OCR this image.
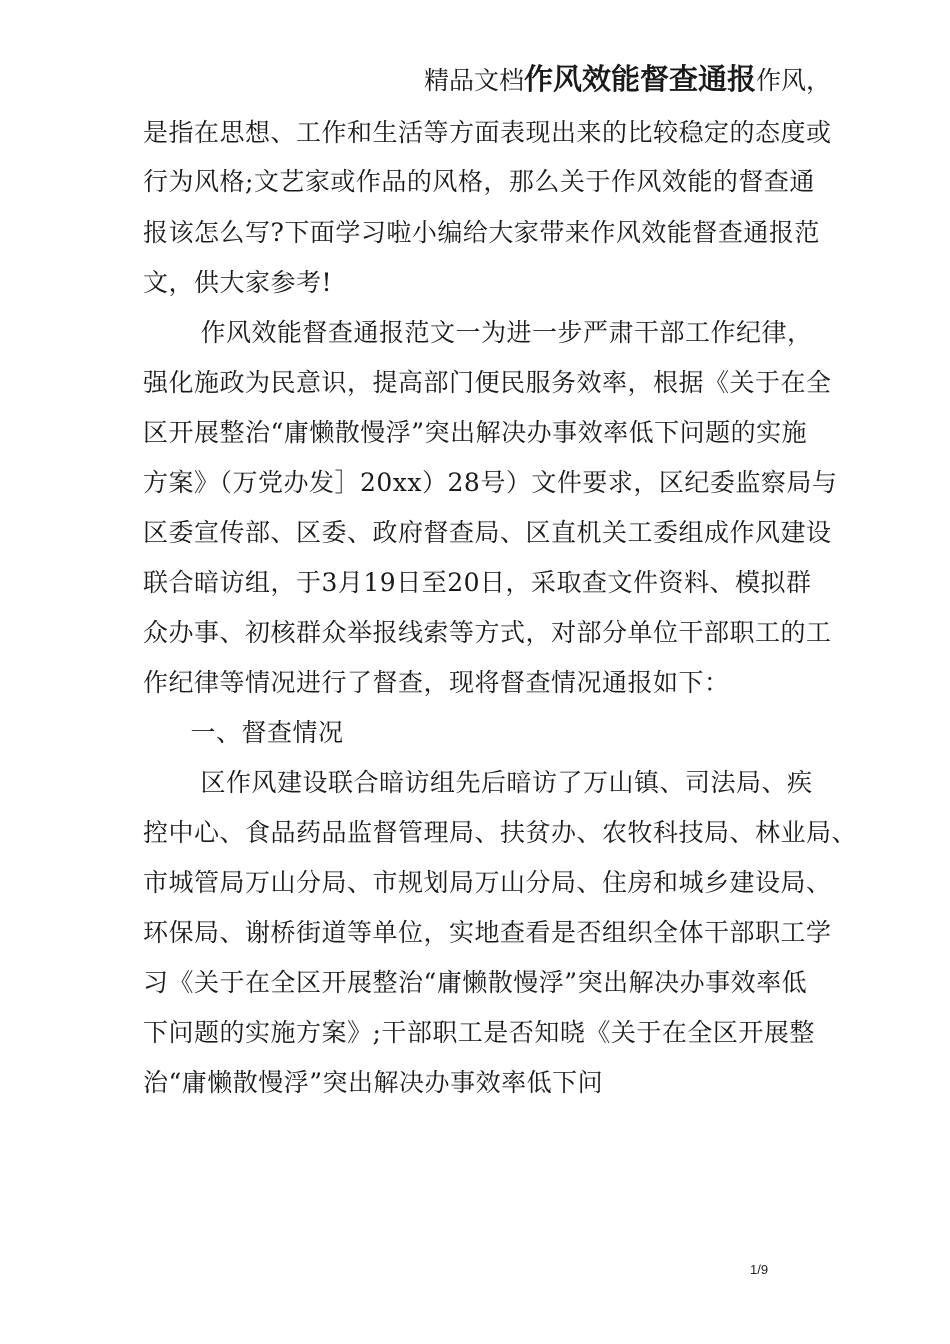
精品文档作风效能督查通报作风，
是指在思想、工作和生活等方面表现出来的比较稳定的态度或
行为风格;文艺家或作品的风格，那么关于作风效能的督查通
报该怎么写?下面学习啦小编给大家带来作风效能督查通报范
文，供大家参考!
　作风效能督查通报范文一为进一步严肃干部工作纪律，
强化施政为民意识，提高部门便民服务效率，根据《关于在全
区开展整治“庸懒散慢浮”突出解决办事效率低下问题的实施
方案》（万党办发］20xx）28号）文件要求，区纪委监察局与
区委宣传部、区委、政府督查局、区直机关工委组成作风建设
联合暗访组，于3月19日至20日，采取查文件资料、模拟群
众办事、初核群众举报线索等方式，对部分单位干部职工的工
作纪律等情况进行了督查，现将督查情况通报如下：
　一、督查情况
　区作风建设联合暗访组先后暗访了万山镇、司法局、疾
控中心、食品药品监督管理局、扶贫办、农牧科技局、林业局、
市城管局万山分局、市规划局万山分局、住房和城乡建设局、
环保局、谢桥街道等单位，实地查看是否组织全体干部职工学
习《关于在全区开展整治“庸懒散慢浮”突出解决办事效率低
下问题的实施方案》;干部职工是否知晓《关于在全区开展整
治“庸懒散慢浮”突出解决办事效率低下问
1/9
